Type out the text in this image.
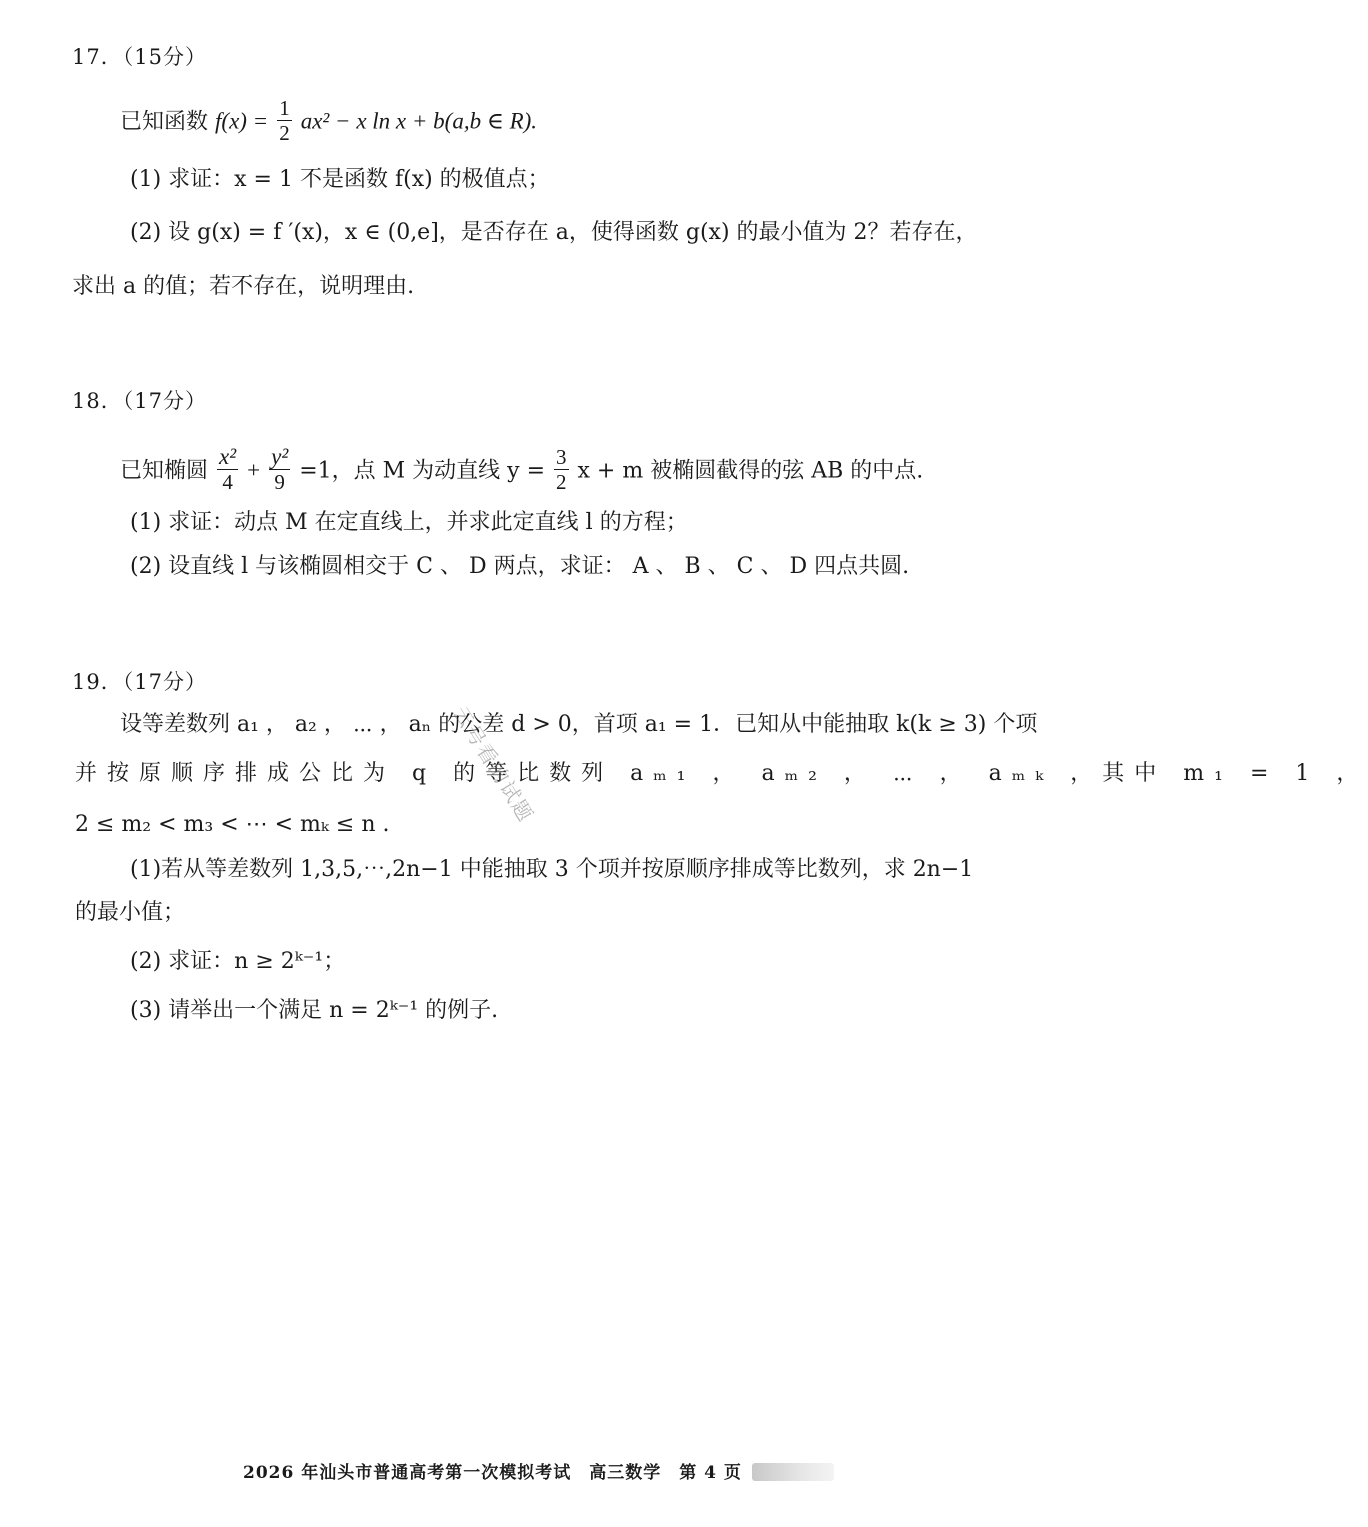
17．（15分）
已知函数 $f(x) = \frac{1}{2} ax^2 - x$ ln x + b(a,b ∈ R).
(1) 求证：x = 1 不是函数 f(x) 的极值点；
(2) 设 g(x) = f ′(x)，x ∈ (0,e]，是否存在 a，使得函数 g(x) 的最小值为 2？若存在，
求出 a 的值；若不存在，说明理由.
18．（17分）
已知椭圆 $\frac{\text{x²}}{4} + \frac{\text{y²}}{9} =1$，点 M 为动直线 $y = \frac{3}{2}$ x + m 被椭圆截得的弦 AB 的中点.
(1) 求证：动点 M 在定直线上，并求此定直线 l 的方程；
(2) 设直线 l 与该椭圆相交于 C 、 D 两点，求证： A 、 B 、 C 、 D 四点共圆.
19．（17分）
设等差数列 a₁ ， a₂ ， ⋯ ， aₙ 的公差 d > 0，首项 a₁ = 1．已知从中能抽取 k(k ≥ 3) 个项
并按原顺序排成公比为 q 的等比数列 aₘ₁ ， aₘ₂ ， ⋯ ， aₘₖ ，其中 m₁ = 1 ，
2 ≤ m₂ < m₃ < ⋯ < mₖ ≤ n .
(1)若从等差数列 1,3,5,⋯,2n−1 中能抽取 3 个项并按原顺序排成等比数列，求 2n−1
的最小值；
(2) 求证：n ≥ 2ᵏ⁻¹；
(3) 请举出一个满足 n = 2ᵏ⁻¹ 的例子.
云号看的试题
2026 年汕头市普通高考第一次模拟考试　高三数学　第 4 页
